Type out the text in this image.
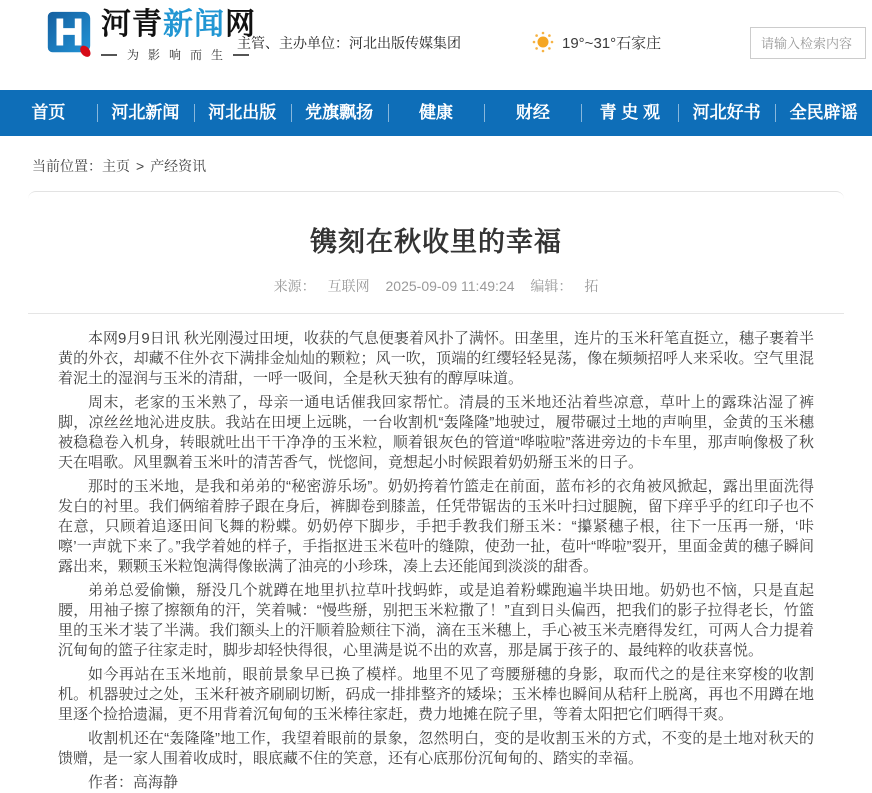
河青新闻网
为影响而生
主管、主办单位：河北出版传媒集团	19°~31°石家庄
请输入检索内容
首页	河北新闻	河北出版	党旗飘扬	健康	财经	青 史 观	河北好书	全民辟谣
当前位置：主页 > 产经资讯
镌刻在秋收里的幸福
来源： 互联网 2025-09-09 11:49:24 编辑： 拓

本网9月9日讯 秋光刚漫过田埂，收获的气息便裹着风扑了满怀。田垄里，连片的玉米秆笔直挺立，穗子裹着半黄的外衣，却藏不住外衣下满排金灿灿的颗粒；风一吹，顶端的红缨轻轻晃荡，像在频频招呼人来采收。空气里混着泥土的湿润与玉米的清甜，一呼一吸间，全是秋天独有的醇厚味道。

周末，老家的玉米熟了，母亲一通电话催我回家帮忙。清晨的玉米地还沾着些凉意，草叶上的露珠沾湿了裤脚，凉丝丝地沁进皮肤。我站在田埂上远眺，一台收割机“轰隆隆”地驶过，履带碾过土地的声响里，金黄的玉米穗被稳稳卷入机身，转眼就吐出干干净净的玉米粒，顺着银灰色的管道“哗啦啦”落进旁边的卡车里，那声响像极了秋天在唱歌。风里飘着玉米叶的清苦香气，恍惚间，竟想起小时候跟着奶奶掰玉米的日子。

那时的玉米地，是我和弟弟的“秘密游乐场”。奶奶挎着竹篮走在前面，蓝布衫的衣角被风掀起，露出里面洗得发白的衬里。我们俩缩着脖子跟在身后，裤脚卷到膝盖，任凭带锯齿的玉米叶扫过腿腕，留下痒乎乎的红印子也不在意，只顾着追逐田间飞舞的粉蝶。奶奶停下脚步，手把手教我们掰玉米：“攥紧穗子根，往下一压再一掰，‘咔嚓’一声就下来了。”我学着她的样子，手指抠进玉米苞叶的缝隙，使劲一扯，苞叶“哗啦”裂开，里面金黄的穗子瞬间露出来，颗颗玉米粒饱满得像嵌满了油亮的小珍珠，凑上去还能闻到淡淡的甜香。

弟弟总爱偷懒，掰没几个就蹲在地里扒拉草叶找蚂蚱，或是追着粉蝶跑遍半块田地。奶奶也不恼，只是直起腰，用袖子擦了擦额角的汗，笑着喊：“慢些掰，别把玉米粒撒了！”直到日头偏西，把我们的影子拉得老长，竹篮里的玉米才装了半满。我们额头上的汗顺着脸颊往下淌，滴在玉米穗上，手心被玉米壳磨得发红，可两人合力提着沉甸甸的篮子往家走时，脚步却轻快得很，心里满是说不出的欢喜，那是属于孩子的、最纯粹的收获喜悦。

如今再站在玉米地前，眼前景象早已换了模样。地里不见了弯腰掰穗的身影，取而代之的是往来穿梭的收割机。机器驶过之处，玉米秆被齐刷刷切断，码成一排排整齐的矮垛；玉米棒也瞬间从秸秆上脱离，再也不用蹲在地里逐个捡拾遗漏，更不用背着沉甸甸的玉米棒往家赶，费力地摊在院子里，等着太阳把它们晒得干爽。

收割机还在“轰隆隆”地工作，我望着眼前的景象，忽然明白，变的是收割玉米的方式，不变的是土地对秋天的馈赠，是一家人围着收成时，眼底藏不住的笑意，还有心底那份沉甸甸的、踏实的幸福。

作者：高海静
